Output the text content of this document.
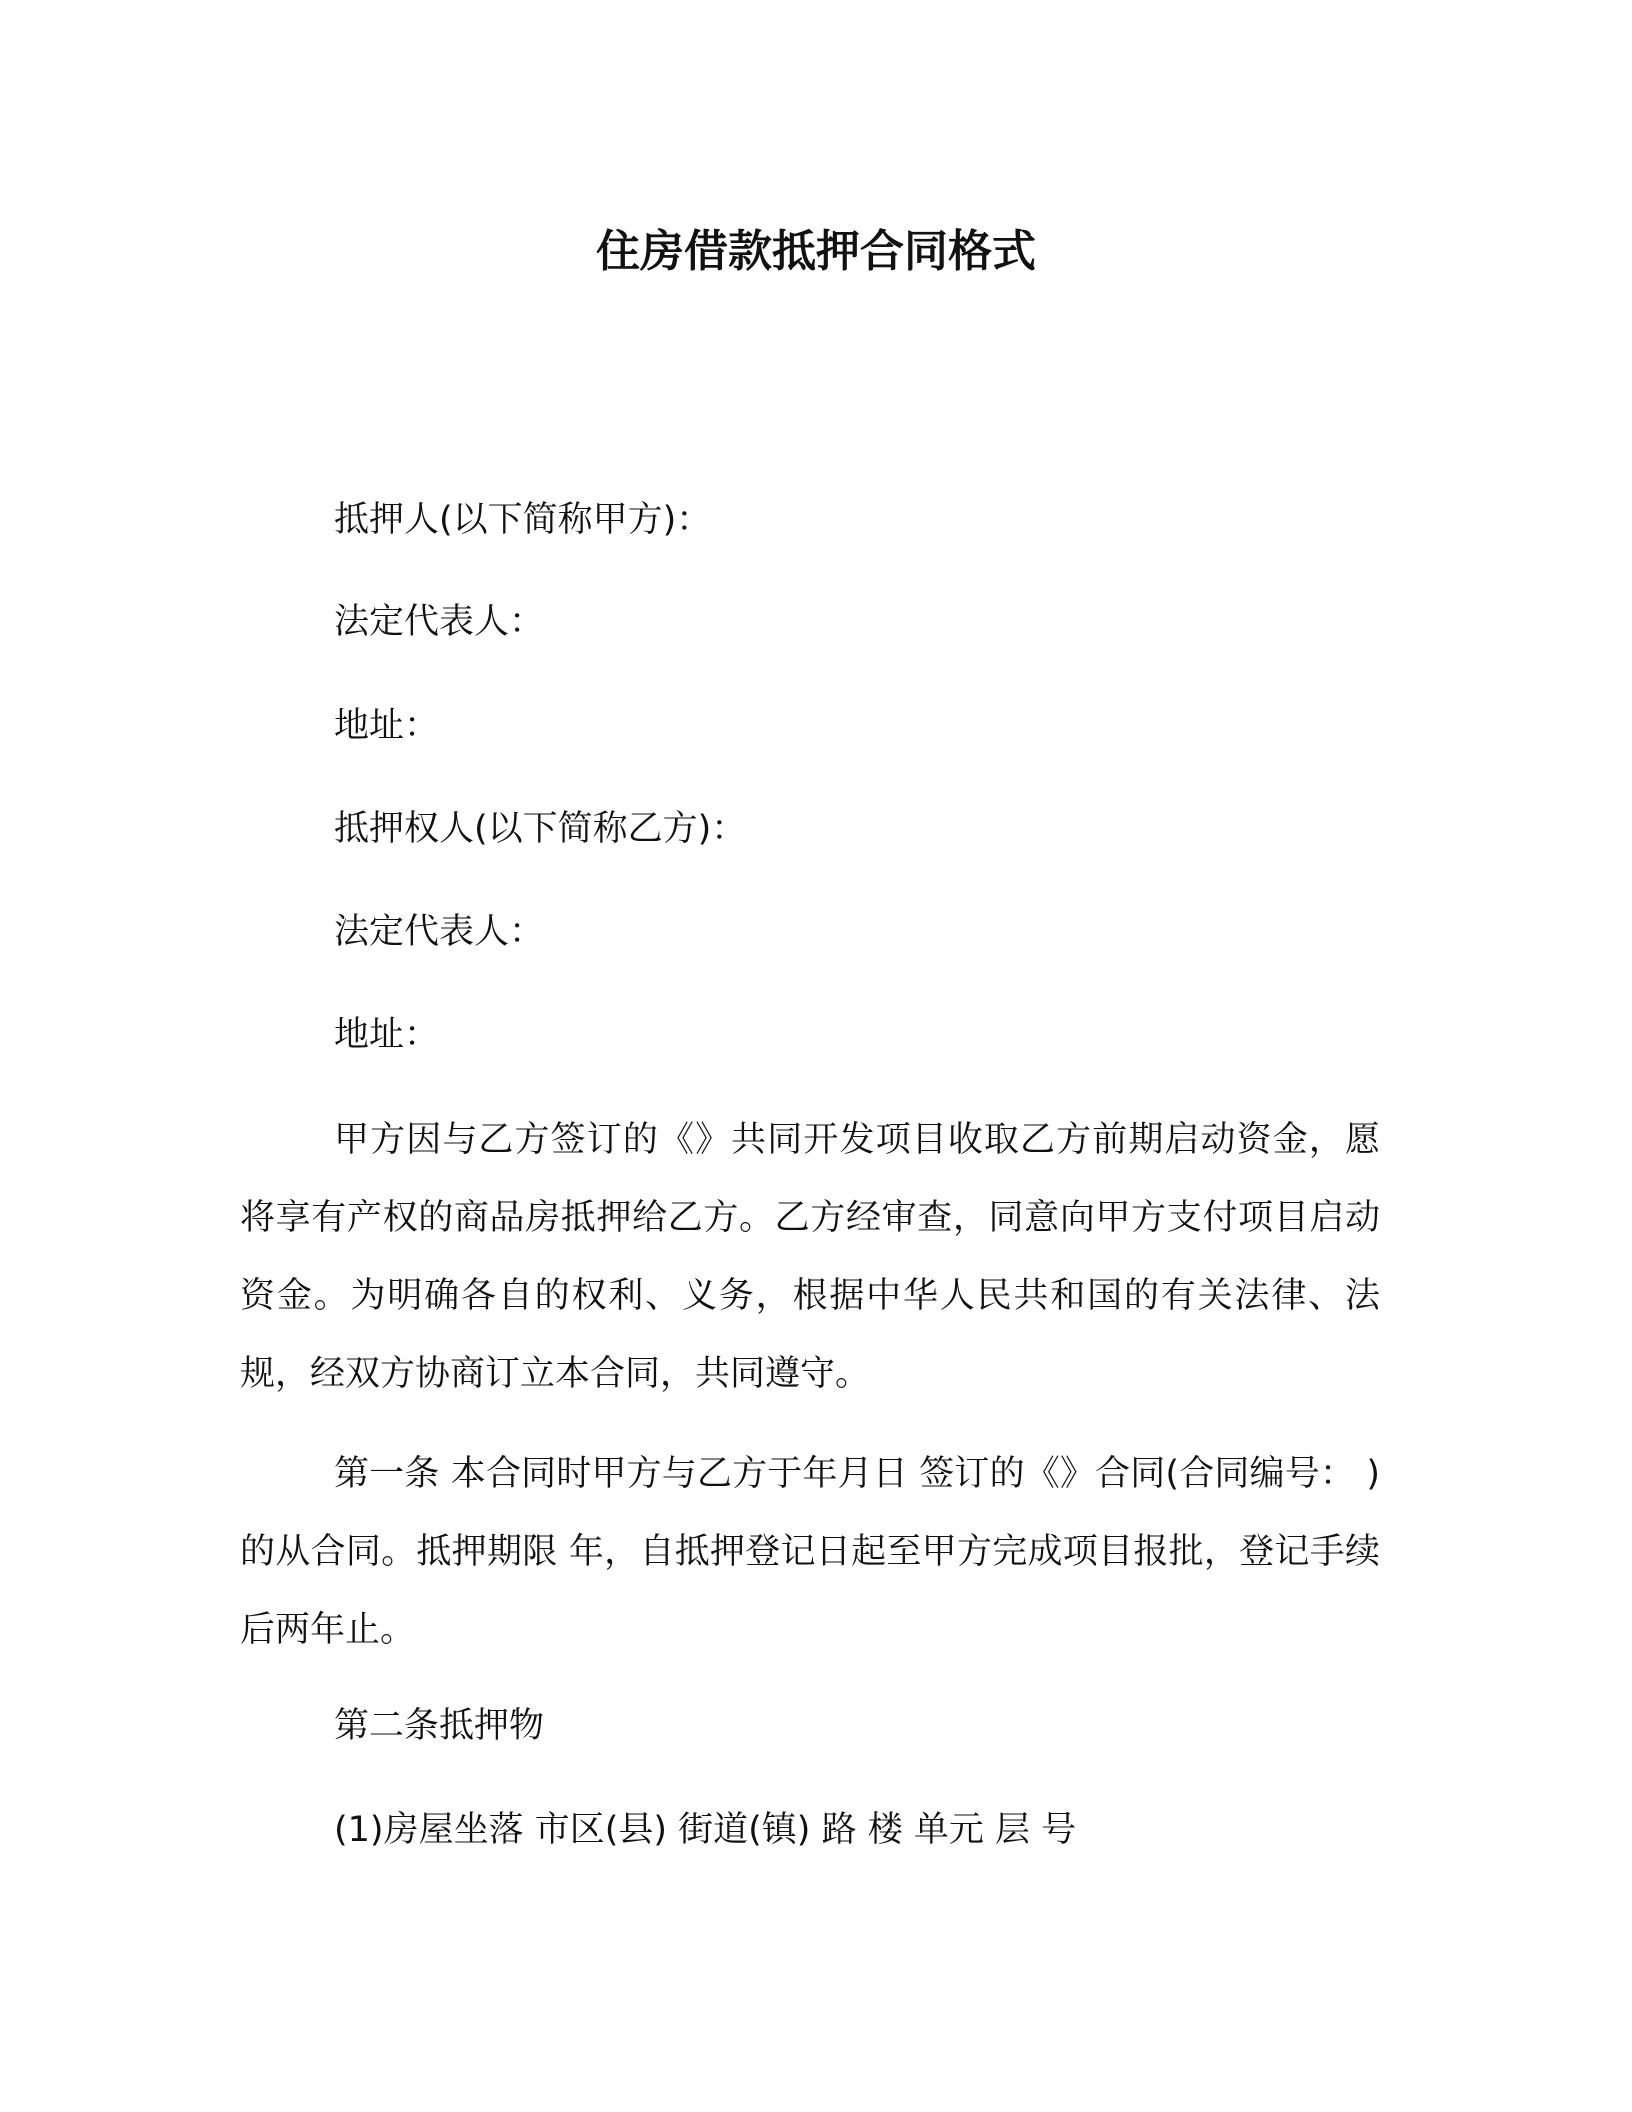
住房借款抵押合同格式
抵押人(以下简称甲方)：
法定代表人：
地址：
抵押权人(以下简称乙方)：
法定代表人：
地址：

甲方因与乙方签订的《》共同开发项目收取乙方前期启动资金，愿将享有产权的商品房抵押给乙方。乙方经审查，同意向甲方支付项目启动资金。为明确各自的权利、义务，根据中华人民共和国的有关法律、法规，经双方协商订立本合同，共同遵守。

第一条 本合同时甲方与乙方于年月日 签订的《》合同(合同编号： )的从合同。抵押期限 年，自抵押登记日起至甲方完成项目报批，登记手续后两年止。

第二条抵押物
(1)房屋坐落 市区(县) 街道(镇) 路 楼 单元 层 号
